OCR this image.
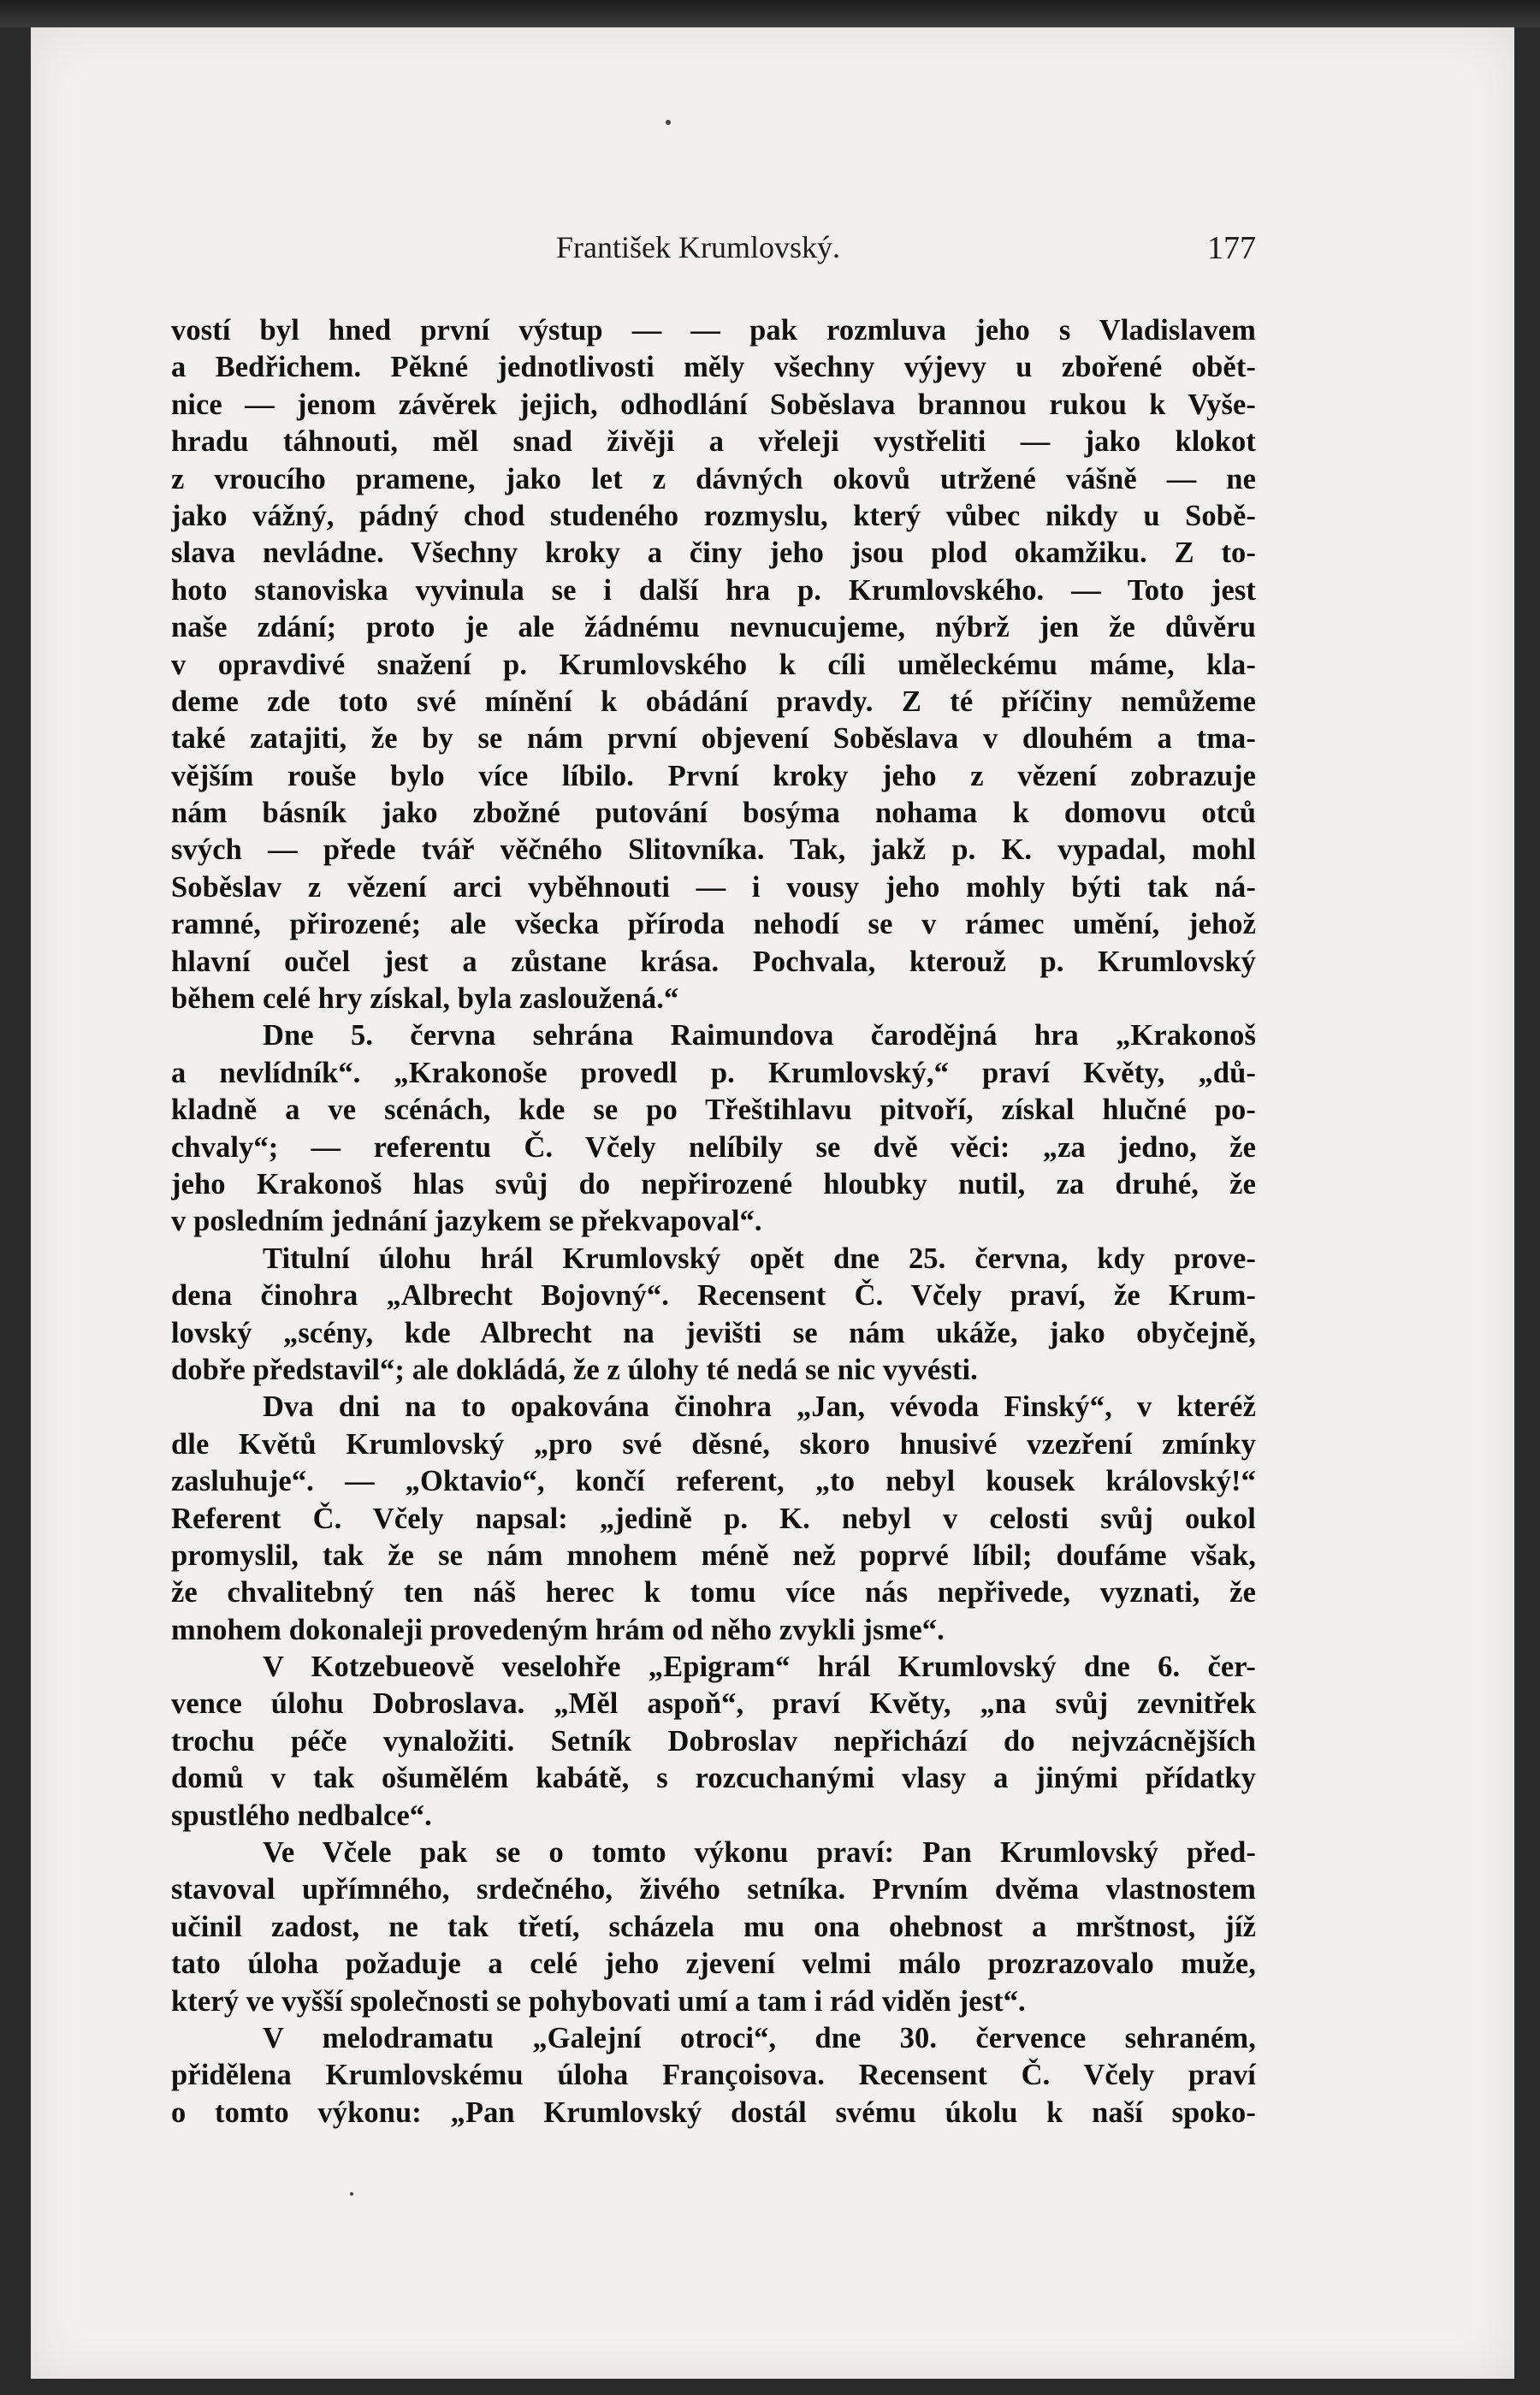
František Krumlovský.	177
vostí byl hned první výstup — — pak rozmluva jeho s Vladislavem
a Bedřichem. Pěkné jednotlivosti měly všechny výjevy u zbořené obět-
nice — jenom závěrek jejich, odhodlání Soběslava brannou rukou k Vyše-
hradu táhnouti, měl snad živěji a vřeleji vystřeliti — jako klokot
z vroucího pramene, jako let z dávných okovů utržené vášně — ne
jako vážný, pádný chod studeného rozmyslu, který vůbec nikdy u Sobě-
slava nevládne. Všechny kroky a činy jeho jsou plod okamžiku. Z to-
hoto stanoviska vyvinula se i další hra p. Krumlovského. — Toto jest
naše zdání; proto je ale žádnému nevnucujeme, nýbrž jen že důvěru
v opravdivé snažení p. Krumlovského k cíli uměleckému máme, kla-
deme zde toto své mínění k obádání pravdy. Z té příčiny nemůžeme
také zatajiti, že by se nám první objevení Soběslava v dlouhém a tma-
vějším rouše bylo více líbilo. První kroky jeho z vězení zobrazuje
nám básník jako zbožné putování bosýma nohama k domovu otců
svých — přede tvář věčného Slitovníka. Tak, jakž p. K. vypadal, mohl
Soběslav z vězení arci vyběhnouti — i vousy jeho mohly býti tak ná-
ramné, přirozené; ale všecka příroda nehodí se v rámec umění, jehož
hlavní oučel jest a zůstane krása. Pochvala, kterouž p. Krumlovský
během celé hry získal, byla zasloužená.“
Dne 5. června sehrána Raimundova čarodějná hra „Krakonoš
a nevlídník“. „Krakonoše provedl p. Krumlovský,“ praví Květy, „dů-
kladně a ve scénách, kde se po Třeštihlavu pitvoří, získal hlučné po-
chvaly“; — referentu Č. Včely nelíbily se dvě věci: „za jedno, že
jeho Krakonoš hlas svůj do nepřirozené hloubky nutil, za druhé, že
v posledním jednání jazykem se překvapoval“.
Titulní úlohu hrál Krumlovský opět dne 25. června, kdy prove-
dena činohra „Albrecht Bojovný“. Recensent Č. Včely praví, že Krum-
lovský „scény, kde Albrecht na jevišti se nám ukáže, jako obyčejně,
dobře představil“; ale dokládá, že z úlohy té nedá se nic vyvésti.
Dva dni na to opakována činohra „Jan, vévoda Finský“, v kteréž
dle Květů Krumlovský „pro své děsné, skoro hnusivé vzezření zmínky
zasluhuje“. — „Oktavio“, končí referent, „to nebyl kousek královský!“
Referent Č. Včely napsal: „jedině p. K. nebyl v celosti svůj oukol
promyslil, tak že se nám mnohem méně než poprvé líbil; doufáme však,
že chvalitebný ten náš herec k tomu více nás nepřivede, vyznati, že
mnohem dokonaleji provedeným hrám od něho zvykli jsme“.
V Kotzebueově veselohře „Epigram“ hrál Krumlovský dne 6. čer-
vence úlohu Dobroslava. „Měl aspoň“, praví Květy, „na svůj zevnitřek
trochu péče vynaložiti. Setník Dobroslav nepřichází do nejvzácnějších
domů v tak ošumělém kabátě, s rozcuchanými vlasy a jinými přídatky
spustlého nedbalce“.
Ve Včele pak se o tomto výkonu praví: Pan Krumlovský před-
stavoval upřímného, srdečného, živého setníka. Prvním dvěma vlastnostem
učinil zadost, ne tak třetí, scházela mu ona ohebnost a mrštnost, jíž
tato úloha požaduje a celé jeho zjevení velmi málo prozrazovalo muže,
který ve vyšší společnosti se pohybovati umí a tam i rád viděn jest“.
V melodramatu „Galejní otroci“, dne 30. července sehraném,
přidělena Krumlovskému úloha Françoisova. Recensent Č. Včely praví
o tomto výkonu: „Pan Krumlovský dostál svému úkolu k naší spoko-
